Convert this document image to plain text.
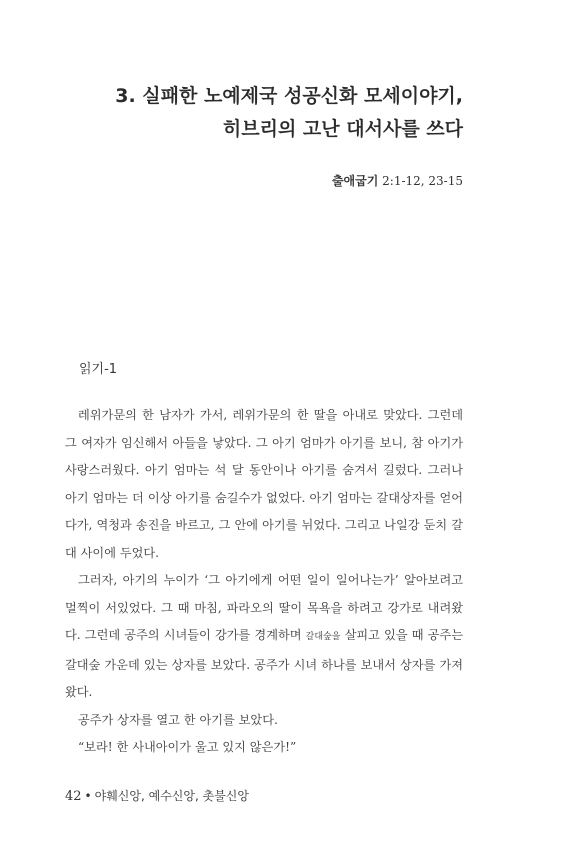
3. 실패한 노예제국 성공신화 모세이야기,
히브리의 고난 대서사를 쓰다
출애굽기 2:1-12, 23-15
읽기-1

레위가문의 한 남자가 가서, 레위가문의 한 딸을 아내로 맞았다. 그런데 그 여자가 임신해서 아들을 낳았다. 그 아기 엄마가 아기를 보니, 참 아기가 사랑스러웠다. 아기 엄마는 석 달 동안이나 아기를 숨겨서 길렀다. 그러나 아기 엄마는 더 이상 아기를 숨길수가 없었다. 아기 엄마는 갈대상자를 얻어다가, 역청과 송진을 바르고, 그 안에 아기를 뉘었다. 그리고 나일강 둔치 갈대 사이에 두었다.

그러자, 아기의 누이가 ‘그 아기에게 어떤 일이 일어나는가’ 알아보려고 멀찍이 서있었다. 그 때 마침, 파라오의 딸이 목욕을 하려고 강가로 내려왔다. 그런데 공주의 시녀들이 강가를 경계하며 갈대숲을 살피고 있을 때 공주는 갈대숲 가운데 있는 상자를 보았다. 공주가 시녀 하나를 보내서 상자를 가져왔다.

공주가 상자를 열고 한 아기를 보았다.

“보라! 한 사내아이가 울고 있지 않은가!”

42 • 야훼신앙, 예수신앙, 촛불신앙
